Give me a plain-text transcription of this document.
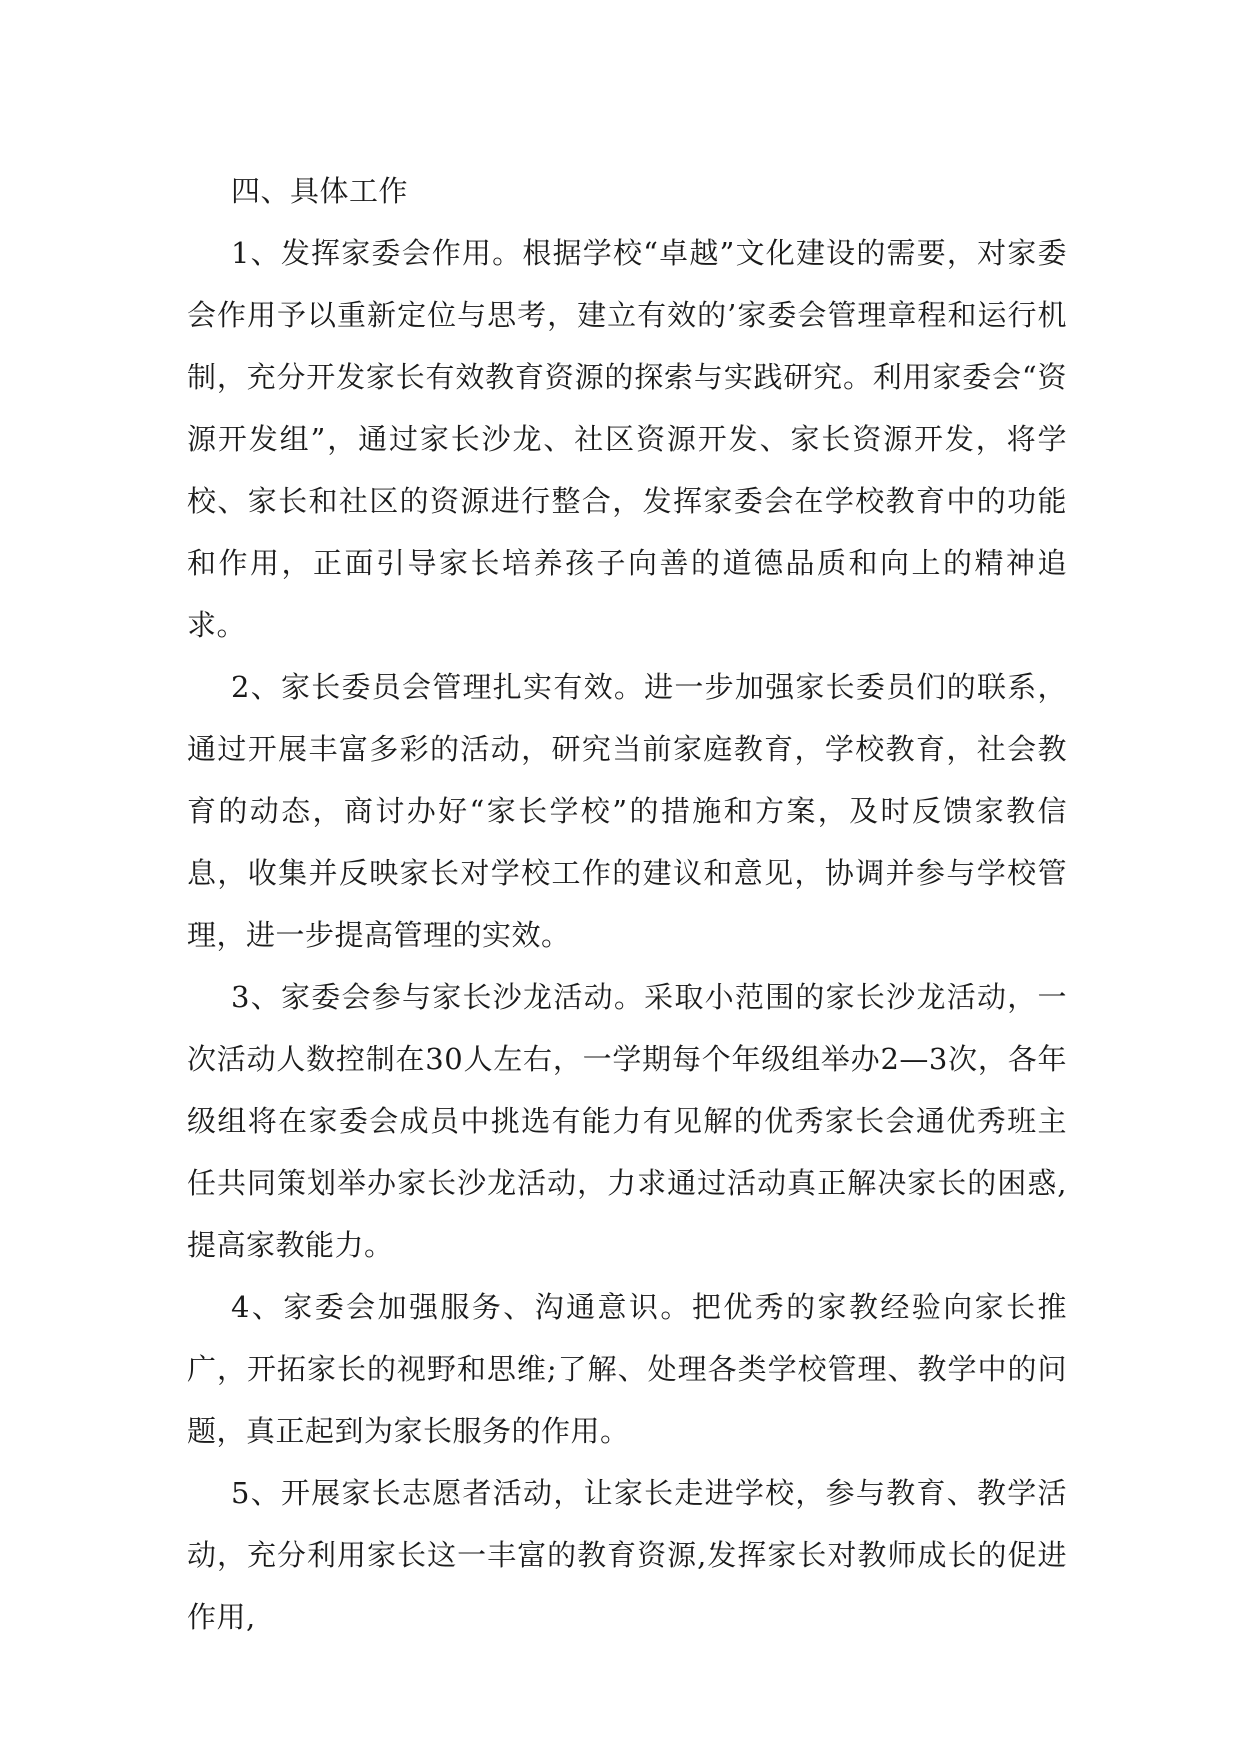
四、具体工作

1、发挥家委会作用。根据学校“卓越”文化建设的需要，对家委会作用予以重新定位与思考，建立有效的’家委会管理章程和运行机制，充分开发家长有效教育资源的探索与实践研究。利用家委会“资源开发组”，通过家长沙龙、社区资源开发、家长资源开发，将学校、家长和社区的资源进行整合，发挥家委会在学校教育中的功能和作用，正面引导家长培养孩子向善的道德品质和向上的精神追求。

2、家长委员会管理扎实有效。进一步加强家长委员们的联系，通过开展丰富多彩的活动，研究当前家庭教育，学校教育，社会教育的动态，商讨办好“家长学校”的措施和方案，及时反馈家教信息，收集并反映家长对学校工作的建议和意见，协调并参与学校管理，进一步提高管理的实效。

3、家委会参与家长沙龙活动。采取小范围的家长沙龙活动，一次活动人数控制在30人左右，一学期每个年级组举办2—3次，各年级组将在家委会成员中挑选有能力有见解的优秀家长会通优秀班主任共同策划举办家长沙龙活动，力求通过活动真正解决家长的困惑,提高家教能力。

4、家委会加强服务、沟通意识。把优秀的家教经验向家长推广，开拓家长的视野和思维;了解、处理各类学校管理、教学中的问题，真正起到为家长服务的作用。

5、开展家长志愿者活动，让家长走进学校，参与教育、教学活动，充分利用家长这一丰富的教育资源,发挥家长对教师成长的促进作用,
